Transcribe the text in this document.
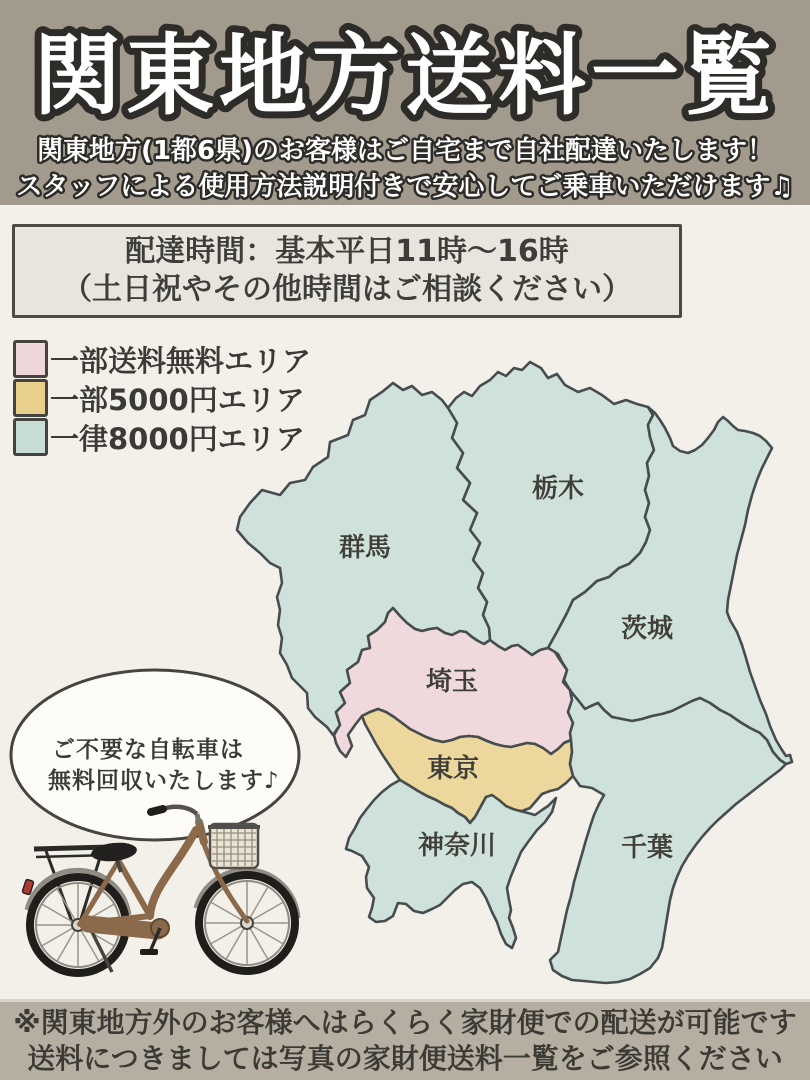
関東地方送料一覧
関東地方(1都6県)のお客様はご自宅まで自社配達いたします！
スタッフによる使用方法説明付きで安心してご乗車いただけます♫
栃木
群馬
茨城
埼玉
東京
神奈川	千葉
ご不要な自転車は
無料回収いたします♪
配達時間：基本平日11時〜16時
（土日祝やその他時間はご相談ください）
一部送料無料エリア
一部5000円エリア
一律8000円エリア
※関東地方外のお客様へはらくらく家財便での配送が可能です
送料につきましては写真の家財便送料一覧をご参照ください
